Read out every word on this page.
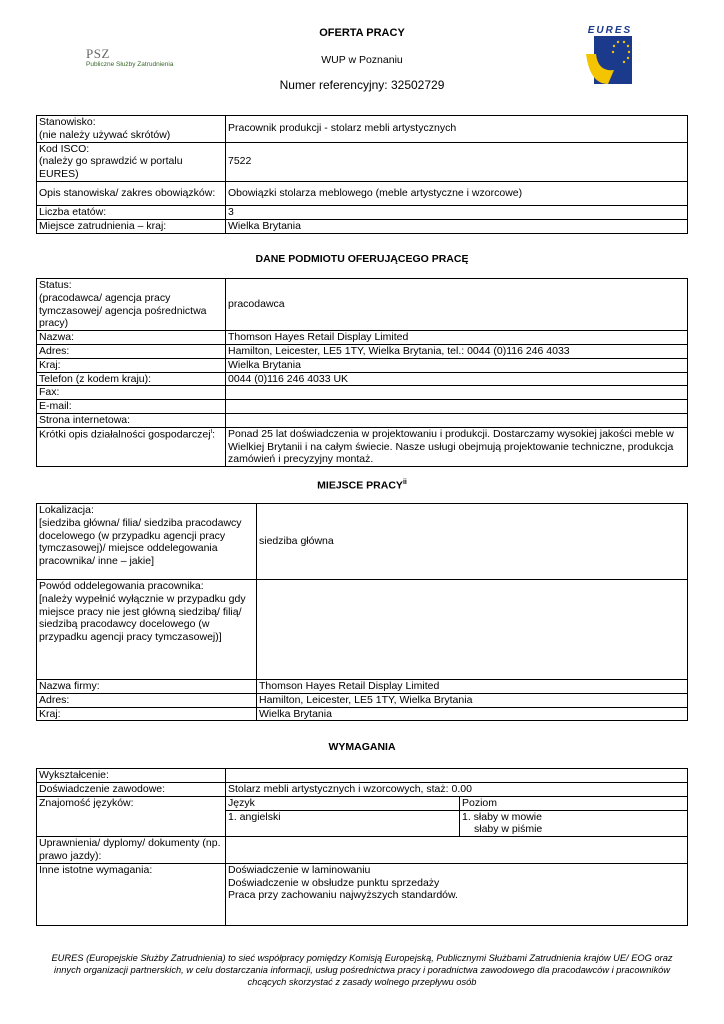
OFERTA PRACY
WUP w Poznaniu
Numer referencyjny: 32502729
PSZ
Publiczne Służby Zatrudnienia
EURES
Stanowisko:
(nie należy używać skrótów)	Pracownik produkcji - stolarz mebli artystycznych
Kod ISCO:
(należy go sprawdzić w portalu EURES)	7522
Opis stanowiska/ zakres obowiązków:	Obowiązki stolarza meblowego (meble artystyczne i wzorcowe)
Liczba etatów:	3
Miejsce zatrudnienia – kraj:	Wielka Brytania
DANE PODMIOTU OFERUJĄCEGO PRACĘ
Status:
(pracodawca/ agencja pracy tymczasowej/ agencja pośrednictwa pracy)	pracodawca
Nazwa:	Thomson Hayes Retail Display Limited
Adres:	Hamilton, Leicester, LE5 1TY, Wielka Brytania, tel.: 0044 (0)116 246 4033
Kraj:	Wielka Brytania
Telefon (z kodem kraju):	0044 (0)116 246 4033 UK
Fax:	
E-mail:	
Strona internetowa:	
Krótki opis działalności gospodarczej$^i$:	Ponad 25 lat doświadczenia w projektowaniu i produkcji. Dostarczamy wysokiej jakości meble w Wielkiej Brytanii i na całym świecie. Nasze usługi obejmują projektowanie techniczne, produkcja zamówień i precyzyjny montaż.
MIEJSCE PRACY$^{ii}$
Lokalizacja:
[siedziba główna/ filia/ siedziba pracodawcy docelowego (w przypadku agencji pracy tymczasowej)/ miejsce oddelegowania pracownika/ inne – jakie]	siedziba główna
Powód oddelegowania pracownika:
[należy wypełnić wyłącznie w przypadku gdy miejsce pracy nie jest główną siedzibą/ filią/ siedzibą pracodawcy docelowego (w przypadku agencji pracy tymczasowej)]	
Nazwa firmy:	Thomson Hayes Retail Display Limited
Adres:	Hamilton, Leicester, LE5 1TY, Wielka Brytania
Kraj:	Wielka Brytania
WYMAGANIA
Wykształcenie:		
Doświadczenie zawodowe:	Stolarz mebli artystycznych i wzorcowych, staż: 0.00	
Znajomość języków:	Język	Poziom
	1. angielski	1. słaby w mowie
słaby w piśmie

Uprawnienia/ dyplomy/ dokumenty (np. prawo jazdy):		
Inne istotne wymagania:	Doświadczenie w laminowaniu
Doświadczenie w obsłudze punktu sprzedaży
Praca przy zachowaniu najwyższych standardów.	
EURES (Europejskie Służby Zatrudnienia) to sieć współpracy pomiędzy Komisją Europejską, Publicznymi Służbami Zatrudnienia krajów UE/ EOG oraz innych organizacji partnerskich, w celu dostarczania informacji, usług pośrednictwa pracy i poradnictwa zawodowego dla pracodawców i pracowników chcących skorzystać z zasady wolnego przepływu osób
